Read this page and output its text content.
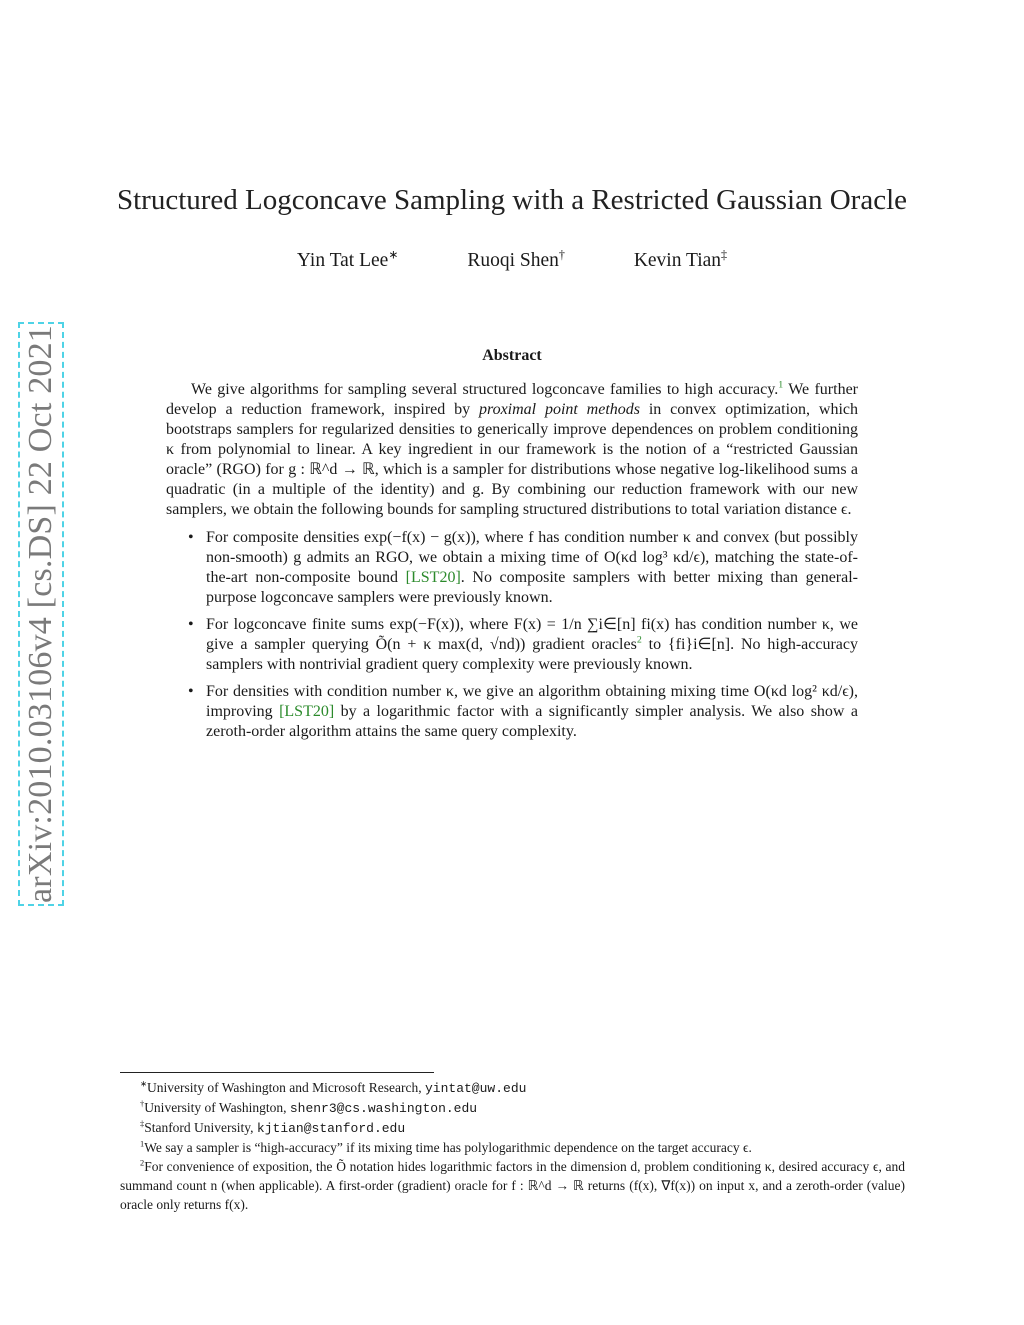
arXiv:2010.03106v4 [cs.DS] 22 Oct 2021
Structured Logconcave Sampling with a Restricted Gaussian Oracle
Yin Tat Lee∗	Ruoqi Shen†	Kevin Tian‡
Abstract

We give algorithms for sampling several structured logconcave families to high accuracy.$^1$ We further develop a reduction framework, inspired by proximal point methods in convex optimization, which bootstraps samplers for regularized densities to generically improve dependences on problem conditioning κ from polynomial to linear. A key ingredient in our framework is the notion of a “restricted Gaussian oracle” (RGO) for g : ℝ^d → ℝ, which is a sampler for distributions whose negative log-likelihood sums a quadratic (in a multiple of the identity) and g. By combining our reduction framework with our new samplers, we obtain the following bounds for sampling structured distributions to total variation distance ϵ.

• For composite densities exp(−f(x) − g(x)), where f has condition number κ and convex (but possibly non-smooth) g admits an RGO, we obtain a mixing time of O(κd log³ κd/ϵ), matching the state-of-the-art non-composite bound [LST20]. No composite samplers with better mixing than general-purpose logconcave samplers were previously known.
• For logconcave finite sums exp(−F(x)), where F(x) = 1/n ∑i∈[n] fi(x) has condition number κ, we give a sampler querying Õ(n + κ max(d, √nd)) gradient oracles$^2$ to {fi}i∈[n]. No high-accuracy samplers with nontrivial gradient query complexity were previously known.
• For densities with condition number κ, we give an algorithm obtaining mixing time O(κd log² κd/ϵ), improving [LST20] by a logarithmic factor with a significantly simpler analysis. We also show a zeroth-order algorithm attains the same query complexity.

∗University of Washington and Microsoft Research, yintat@uw.edu

†University of Washington, shenr3@cs.washington.edu

‡Stanford University, kjtian@stanford.edu

$^1$We say a sampler is “high-accuracy” if its mixing time has polylogarithmic dependence on the target accuracy ϵ.

$^2$For convenience of exposition, the Õ notation hides logarithmic factors in the dimension d, problem conditioning κ, desired accuracy ϵ, and summand count n (when applicable). A first-order (gradient) oracle for f : ℝ^d → ℝ returns (f(x), ∇f(x)) on input x, and a zeroth-order (value) oracle only returns f(x).
